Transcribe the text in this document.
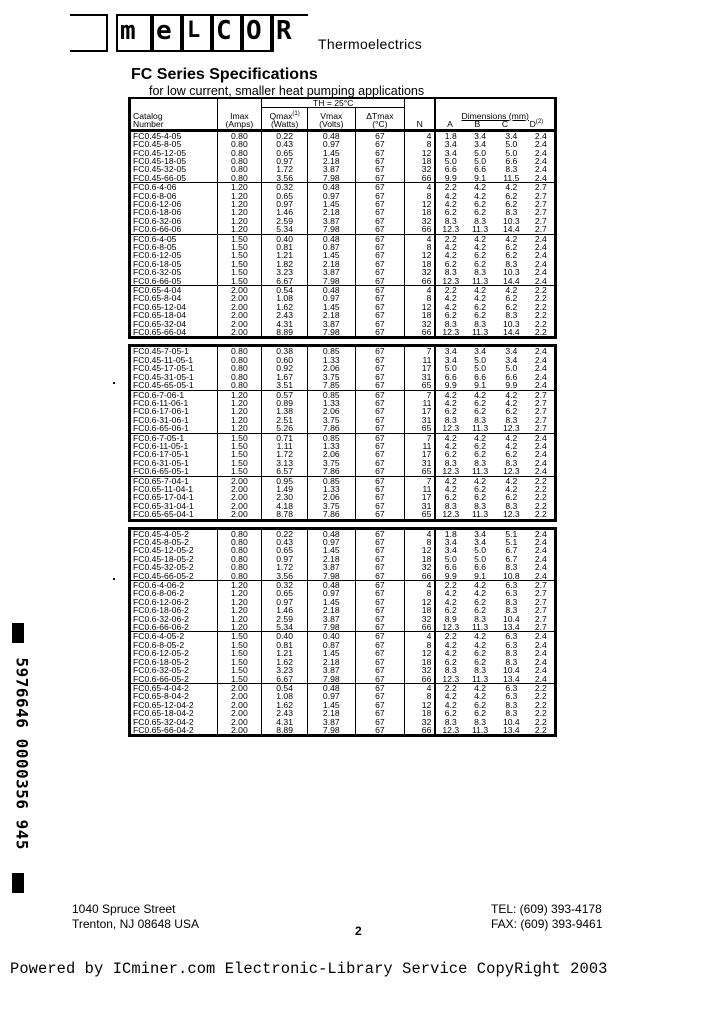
m e L C O R Thermoelectrics
FC Series Specifications
for low current, smaller heat pumping applications
		TH = 25°C							
Catalog
Number	Imax
(Amps)	Qmax$^{(1)}$
(Watts)	Vmax
(Volts)	ΔTmax
(°C)	N	
Dimensions (mm)
A	B	C	$D^{(2)}$

FC0.45-4-05	0.80	0.22	0.48	67	4	1.8	3.4	3.4	2.4
FC0.45-8-05	0.80	0.43	0.97	67	8	3.4	3.4	5.0	2.4
FC0.45-12-05	0.80	0.65	1.45	67	12	3.4	5.0	5.0	2.4
FC0.45-18-05	0.80	0.97	2.18	67	18	5.0	5.0	6.6	2.4
FC0.45-32-05	0.80	1.72	3.87	67	32	6.6	6.6	8.3	2.4
FC0.45-66-05	0.80	3.56	7.98	67	66	9.9	9.1	11.5	2.4
FC0.6-4-06	1.20	0.32	0.48	67	4	2.2	4.2	4.2	2.7
FC0.6-8-06	1.20	0.65	0.97	67	8	4.2	4.2	6.2	2.7
FC0.6-12-06	1.20	0.97	1.45	67	12	4.2	6.2	6.2	2.7
FC0.6-18-06	1.20	1.46	2.18	67	18	6.2	6.2	8.3	2.7
FC0.6-32-06	1.20	2.59	3.87	67	32	8.3	8.3	10.3	2.7
FC0.6-66-06	1.20	5.34	7.98	67	66	12.3	11.3	14.4	2.7
FC0.6-4-05	1.50	0.40	0.48	67	4	2.2	4.2	4.2	2.4
FC0.6-8-05	1.50	0.81	0.87	67	8	4.2	4.2	6.2	2.4
FC0.6-12-05	1.50	1.21	1.45	67	12	4.2	6.2	6.2	2.4
FC0.6-18-05	1.50	1.82	2.18	67	18	6.2	6.2	8.3	2.4
FC0.6-32-05	1.50	3.23	3.87	67	32	8.3	8.3	10.3	2.4
FC0.6-66-05	1.50	6.67	7.98	67	66	12.3	11.3	14.4	2.4
FC0.65-4-04	2.00	0.54	0.48	67	4	2.2	4.2	4.2	2.2
FC0.65-8-04	2.00	1.08	0.97	67	8	4.2	4.2	6.2	2.2
FC0.65-12-04	2.00	1.62	1.45	67	12	4.2	6.2	6.2	2.2
FC0.65-18-04	2.00	2.43	2.18	67	18	6.2	6.2	8.3	2.2
FC0.65-32-04	2.00	4.31	3.87	67	32	8.3	8.3	10.3	2.2
FC0.65-66-04	2.00	8.89	7.98	67	66	12.3	11.3	14.4	2.2

FC0.45-7-05-1	0.80	0.38	0.85	67	7	3.4	3.4	3.4	2.4
FC0.45-11-05-1	0.80	0.60	1.33	67	11	3.4	5.0	3.4	2.4
FC0.45-17-05-1	0.80	0.92	2.06	67	17	5.0	5.0	5.0	2.4
FC0.45-31-05-1	0.80	1.67	3.75	67	31	6.6	6.6	6.6	2.4
FC0.45-65-05-1	0.80	3.51	7.85	67	65	9.9	9.1	9.9	2.4
FC0.6-7-06-1	1.20	0.57	0.85	67	7	4.2	4.2	4.2	2.7
FC0.6-11-06-1	1.20	0.89	1.33	67	11	4.2	6.2	4.2	2.7
FC0.6-17-06-1	1.20	1.38	2.06	67	17	6.2	6.2	6.2	2.7
FC0.6-31-06-1	1.20	2.51	3.75	67	31	8.3	8.3	8.3	2.7
FC0.6-65-06-1	1.20	5.26	7.86	67	65	12.3	11.3	12.3	2.7
FC0.6-7-05-1	1.50	0.71	0.85	67	7	4.2	4.2	4.2	2.4
FC0.6-11-05-1	1.50	1.11	1.33	67	11	4.2	6.2	4.2	2.4
FC0.6-17-05-1	1.50	1.72	2.06	67	17	6.2	6.2	6.2	2.4
FC0.6-31-05-1	1.50	3.13	3.75	67	31	8.3	8.3	8.3	2.4
FC0.6-65-05-1	1.50	6.57	7.86	67	65	12.3	11.3	12.3	2.4
FC0.65-7-04-1	2.00	0.95	0.85	67	7	4.2	4.2	4.2	2.2
FC0.65-11-04-1	2.00	1.49	1.33	67	11	4.2	6.2	4.2	2.2
FC0.65-17-04-1	2.00	2.30	2.06	67	17	6.2	6.2	6.2	2.2
FC0.65-31-04-1	2.00	4.18	3.75	67	31	8.3	8.3	8.3	2.2
FC0.65-65-04-1	2.00	8.78	7.86	67	65	12.3	11.3	12.3	2.2

FC0.45-4-05-2	0.80	0.22	0.48	67	4	1.8	3.4	5.1	2.4
FC0.45-8-05-2	0.80	0.43	0.97	67	8	3.4	3.4	5.1	2.4
FC0.45-12-05-2	0.80	0.65	1.45	67	12	3.4	5.0	6.7	2.4
FC0.45-18-05-2	0.80	0.97	2.18	67	18	5.0	5.0	6.7	2.4
FC0.45-32-05-2	0.80	1.72	3.87	67	32	6.6	6.6	8.3	2.4
FC0.45-66-05-2	0.80	3.56	7.98	67	66	9.9	9.1	10.8	2.4
FC0.6-4-06-2	1.20	0.32	0.48	67	4	2.2	4.2	6.3	2.7
FC0.6-8-06-2	1.20	0.65	0.97	67	8	4.2	4.2	6.3	2.7
FC0.6-12-06-2	1.20	0.97	1.45	67	12	4.2	6.2	8.3	2.7
FC0.6-18-06-2	1.20	1.46	2.18	67	18	6.2	6.2	8.3	2.7
FC0.6-32-06-2	1.20	2.59	3.87	67	32	8.9	8.3	10.4	2.7
FC0.6-66-06-2	1.20	5.34	7.98	67	66	12.3	11.3	13.4	2.7
FC0.6-4-05-2	1.50	0.40	0.40	67	4	2.2	4.2	6.3	2.4
FC0.6-8-05-2	1.50	0.81	0.87	67	8	4.2	4.2	6.3	2.4
FC0.6-12-05-2	1.50	1.21	1.45	67	12	4.2	6.2	8.3	2.4
FC0.6-18-05-2	1.50	1.62	2.18	67	18	6.2	6.2	8.3	2.4
FC0.6-32-05-2	1.50	3.23	3.87	67	32	8.3	8.3	10.4	2.4
FC0.6-66-05-2	1.50	6.67	7.98	67	66	12.3	11.3	13.4	2.4
FC0.65-4-04-2	2.00	0.54	0.48	67	4	2.2	4.2	6.3	2.2
FC0.65-8-04-2	2.00	1.08	0.97	67	8	4.2	4.2	6.3	2.2
FC0.65-12-04-2	2.00	1.62	1.45	67	12	4.2	6.2	8.3	2.2
FC0.65-18-04-2	2.00	2.43	2.18	67	18	6.2	6.2	8.3	2.2
FC0.65-32-04-2	2.00	4.31	3.87	67	32	8.3	8.3	10.4	2.2
FC0.65-66-04-2	2.00	8.89	7.98	67	66	12.3	11.3	13.4	2.2
1040 Spruce Street
Trenton, NJ 08648 USA	2
TEL: (609) 393-4178
FAX: (609) 393-9461
Powered by ICminer.com Electronic-Library Service CopyRight 2003
5976646 0000356 945
